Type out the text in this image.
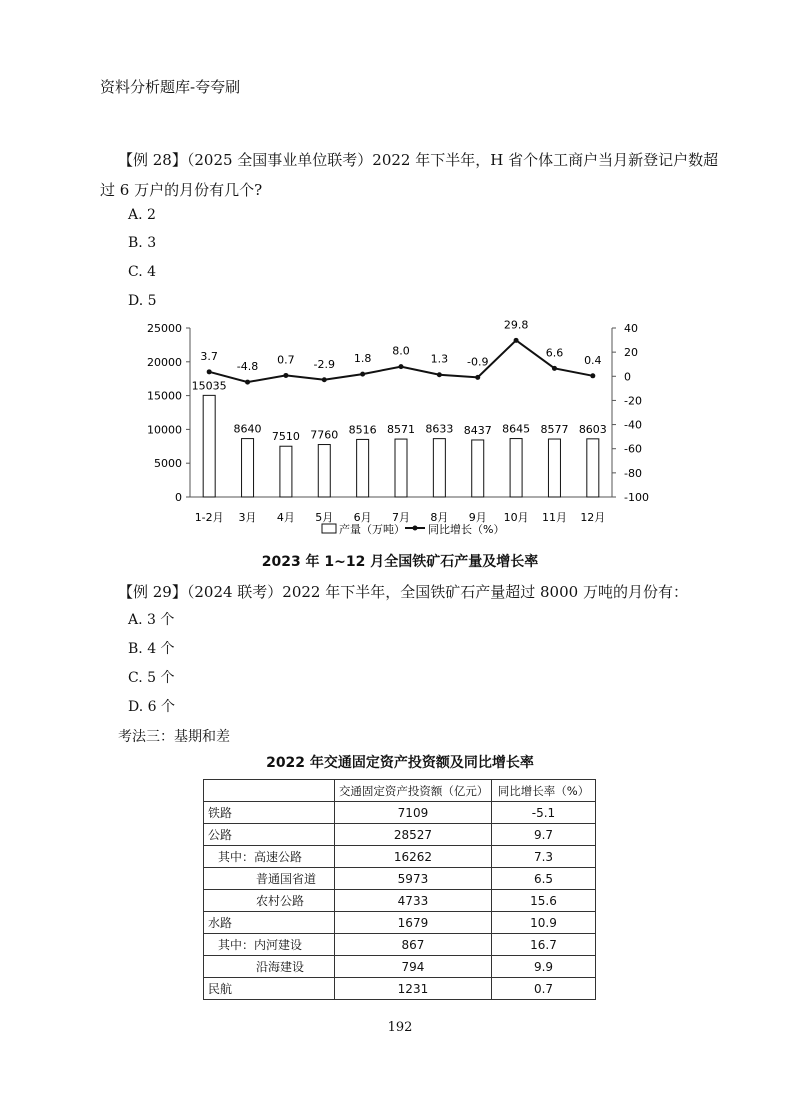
资料分析题库-夸夸刷
【例 28】（2025 全国事业单位联考）2022 年下半年，H 省个体工商户当月新登记户数超
过 6 万户的月份有几个?
A. 2
B. 3
C. 4
D. 5
0
5000
10000
15000
20000
25000
-100
-80
-60
-40
-20
0
20
40
15035
8640
7510 7760 8516 8571 8633 8437 8645 8577 8603
1-2月 3月 4月 5月 6月 7月 8月 9月 10月 11月 12月
3.7
-4.8
0.7 -2.9 1.8
8.0
1.3 -0.9
29.8
6.6
0.4
产量（万吨） 同比增长（%）
2023 年 1~12 月全国铁矿石产量及增长率
【例 29】（2024 联考）2022 年下半年，全国铁矿石产量超过 8000 万吨的月份有：
A. 3 个
B. 4 个
C. 5 个
D. 6 个
考法三：基期和差
2022 年交通固定资产投资额及同比增长率
	交通固定资产投资额（亿元）	同比增长率（%）
铁路	7109	-5.1
公路	28527	9.7
其中：高速公路	16262	7.3
普通国省道	5973	6.5
农村公路	4733	15.6
水路	1679	10.9
其中：内河建设	867	16.7
沿海建设	794	9.9
民航	1231	0.7
192
